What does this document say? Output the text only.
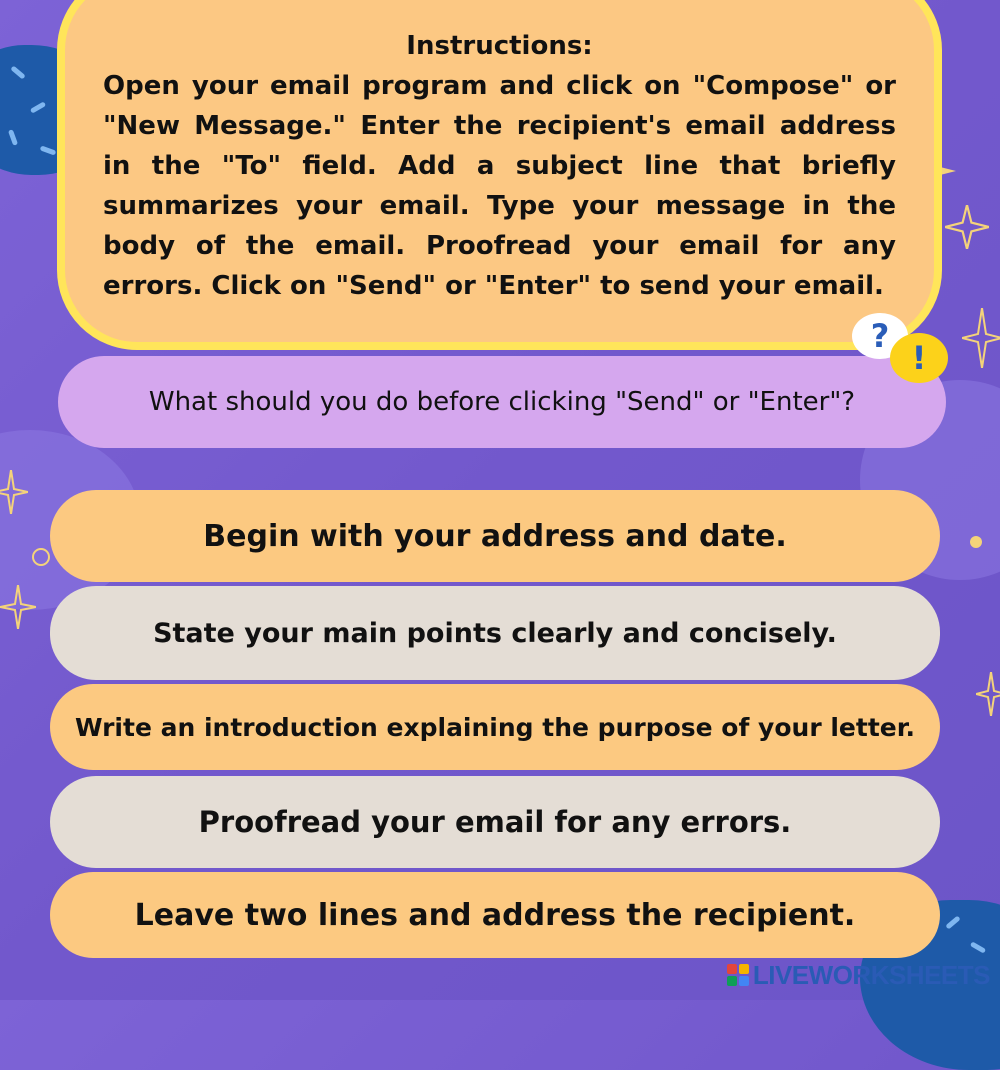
Instructions:
Open your email program and click on "Compose" or "New Message." Enter the recipient's email address in the "To" field. Add a subject line that briefly summarizes your email. Type your message in the body of the email. Proofread your email for any errors. Click on "Send" or "Enter" to send your email.
What should you do before clicking "Send" or "Enter"?
?
!
Begin with your address and date.
State your main points clearly and concisely.
Write an introduction explaining the purpose of your letter.
Proofread your email for any errors.
Leave two lines and address the recipient.
LIVEWORKSHEETS
